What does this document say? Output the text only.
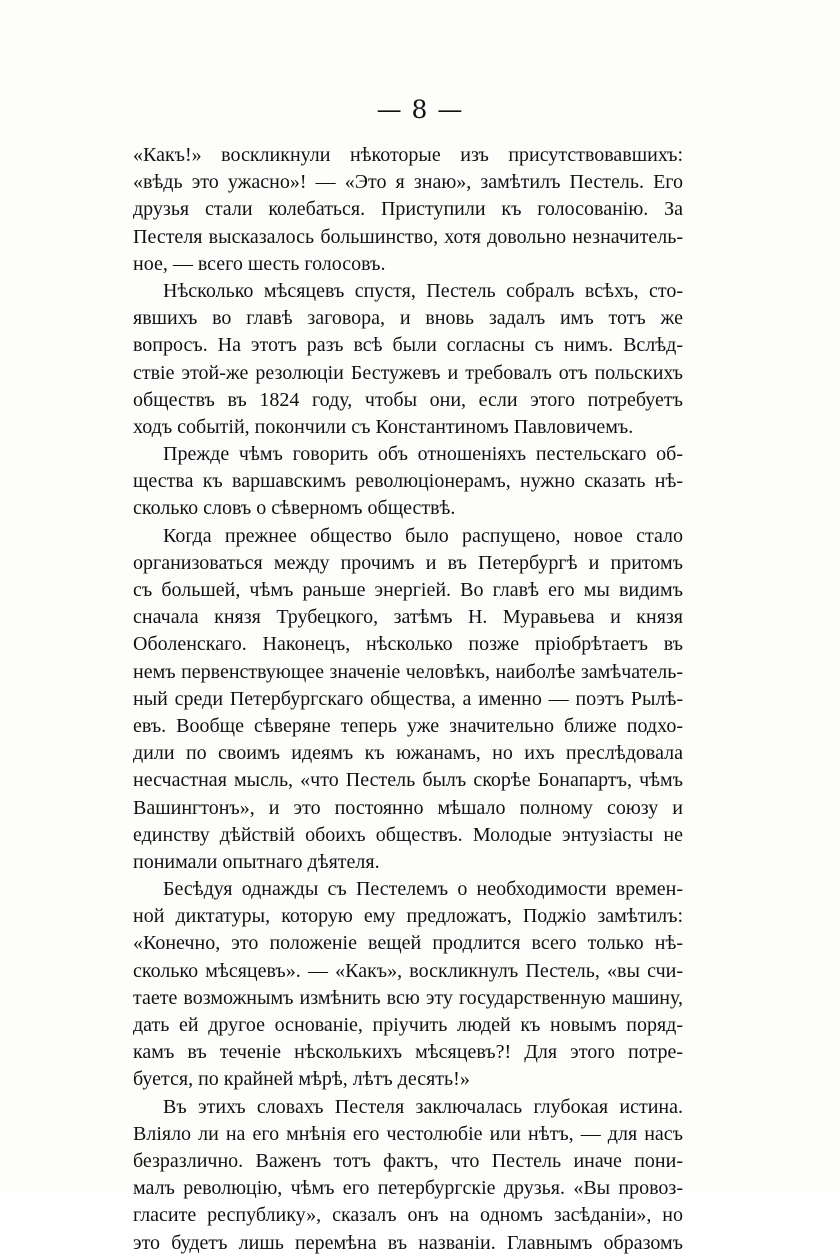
— 8 —
«Какъ!» воскликнули нѣкоторые изъ присутствовавшихъ:
«вѣдь это ужасно»! — «Это я знаю», замѣтилъ Пестель. Его
друзья стали колебаться. Приступили къ голосованію. За
Пестеля высказалось большинство, хотя довольно незначитель-
ное, — всего шесть голосовъ.
Нѣсколько мѣсяцевъ спустя, Пестель собралъ всѣхъ, сто-
явшихъ во главѣ заговора, и вновь задалъ имъ тотъ же
вопросъ. На этотъ разъ всѣ были согласны съ нимъ. Вслѣд-
ствіе этой-же резолюціи Бестужевъ и требовалъ отъ польскихъ
обществъ въ 1824 году, чтобы они, если этого потребуетъ
ходъ событій, покончили съ Константиномъ Павловичемъ.
Прежде чѣмъ говорить объ отношеніяхъ пестельскаго об-
щества къ варшавскимъ революціонерамъ, нужно сказать нѣ-
сколько словъ о сѣверномъ обществѣ.
Когда прежнее общество было распущено, новое стало
организоваться между прочимъ и въ Петербургѣ и притомъ
съ большей, чѣмъ раньше энергіей. Во главѣ его мы видимъ
сначала князя Трубецкого, затѣмъ Н. Муравьева и князя
Оболенскаго. Наконецъ, нѣсколько позже пріобрѣтаетъ въ
немъ первенствующее значеніе человѣкъ, наиболѣе замѣчатель-
ный среди Петербургскаго общества, а именно — поэтъ Рылѣ-
евъ. Вообще сѣверяне теперь уже значительно ближе подхо-
дили по своимъ идеямъ къ южанамъ, но ихъ преслѣдовала
несчастная мысль, «что Пестель былъ скорѣе Бонапартъ, чѣмъ
Вашингтонъ», и это постоянно мѣшало полному союзу и
единству дѣйствій обоихъ обществъ. Молодые энтузіасты не
понимали опытнаго дѣятеля.
Бесѣдуя однажды съ Пестелемъ о необходимости времен-
ной диктатуры, которую ему предложатъ, Поджіо замѣтилъ:
«Конечно, это положеніе вещей продлится всего только нѣ-
сколько мѣсяцевъ». — «Какъ», воскликнулъ Пестель, «вы счи-
таете возможнымъ измѣнить всю эту государственную машину,
дать ей другое основаніе, пріучить людей къ новымъ поряд-
камъ въ теченіе нѣсколькихъ мѣсяцевъ?! Для этого потре-
буется, по крайней мѣрѣ, лѣтъ десять!»
Въ этихъ словахъ Пестеля заключалась глубокая истина.
Вліяло ли на его мнѣнія его честолюбіе или нѣтъ, — для насъ
безразлично. Важенъ тотъ фактъ, что Пестель иначе пони-
малъ революцію, чѣмъ его петербургскіе друзья. «Вы провоз-
гласите республику», сказалъ онъ на одномъ засѣданіи», но
это будетъ лишь перемѣна въ названіи. Главнымъ образомъ
